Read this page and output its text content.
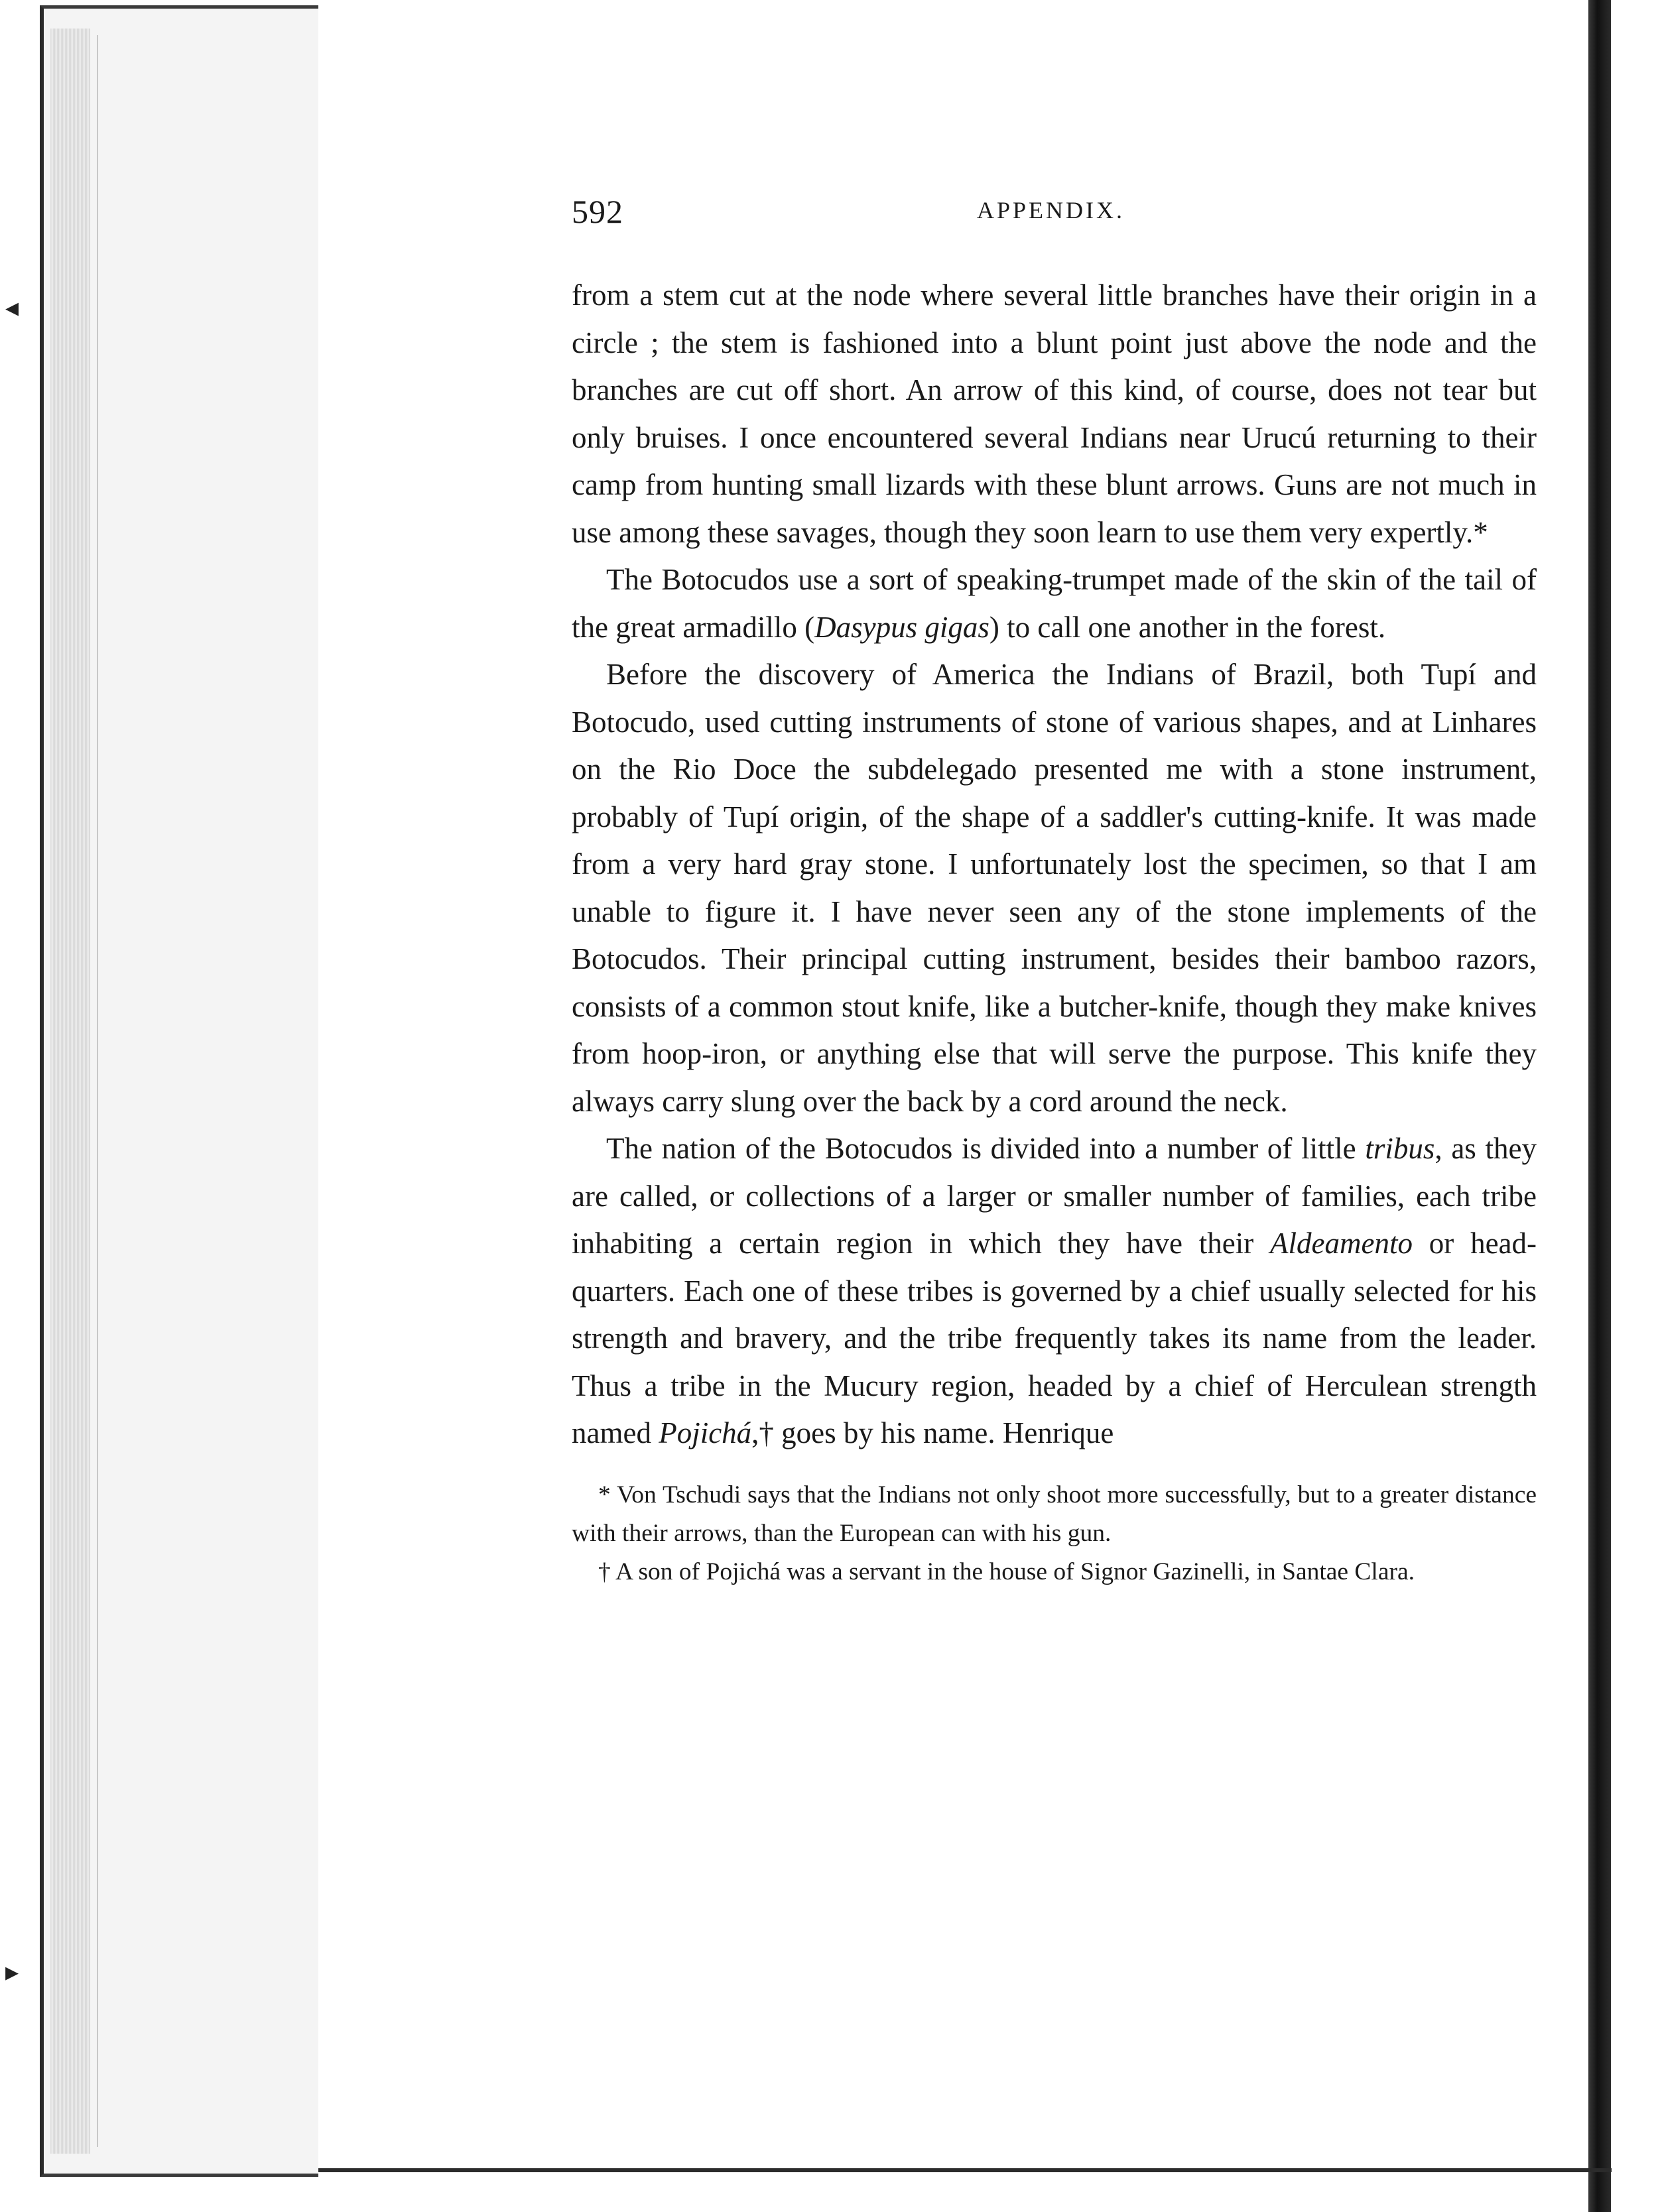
◂
▸
592	APPENDIX.

from a stem cut at the node where several little branches have their origin in a circle ; the stem is fashioned into a blunt point just above the node and the branches are cut off short. An arrow of this kind, of course, does not tear but only bruises. I once encountered several Indians near Urucú returning to their camp from hunting small lizards with these blunt arrows. Guns are not much in use among these savages, though they soon learn to use them very expertly.*

The Botocudos use a sort of speaking-trumpet made of the skin of the tail of the great armadillo (Dasypus gigas) to call one another in the forest.

Before the discovery of America the Indians of Brazil, both Tupí and Botocudo, used cutting instruments of stone of various shapes, and at Linhares on the Rio Doce the subdelegado presented me with a stone instrument, probably of Tupí origin, of the shape of a saddler's cutting-knife. It was made from a very hard gray stone. I unfortunately lost the specimen, so that I am unable to figure it. I have never seen any of the stone implements of the Botocudos. Their principal cutting instrument, besides their bamboo razors, consists of a common stout knife, like a butcher-knife, though they make knives from hoop-iron, or anything else that will serve the purpose. This knife they always carry slung over the back by a cord around the neck.

The nation of the Botocudos is divided into a number of little tribus, as they are called, or collections of a larger or smaller number of families, each tribe inhabiting a certain region in which they have their Aldeamento or head-quarters. Each one of these tribes is governed by a chief usually selected for his strength and bravery, and the tribe frequently takes its name from the leader. Thus a tribe in the Mucury region, headed by a chief of Herculean strength named Pojichá,† goes by his name. Henrique

* Von Tschudi says that the Indians not only shoot more successfully, but to a greater distance with their arrows, than the European can with his gun.

† A son of Pojichá was a servant in the house of Signor Gazinelli, in Santae Clara.
